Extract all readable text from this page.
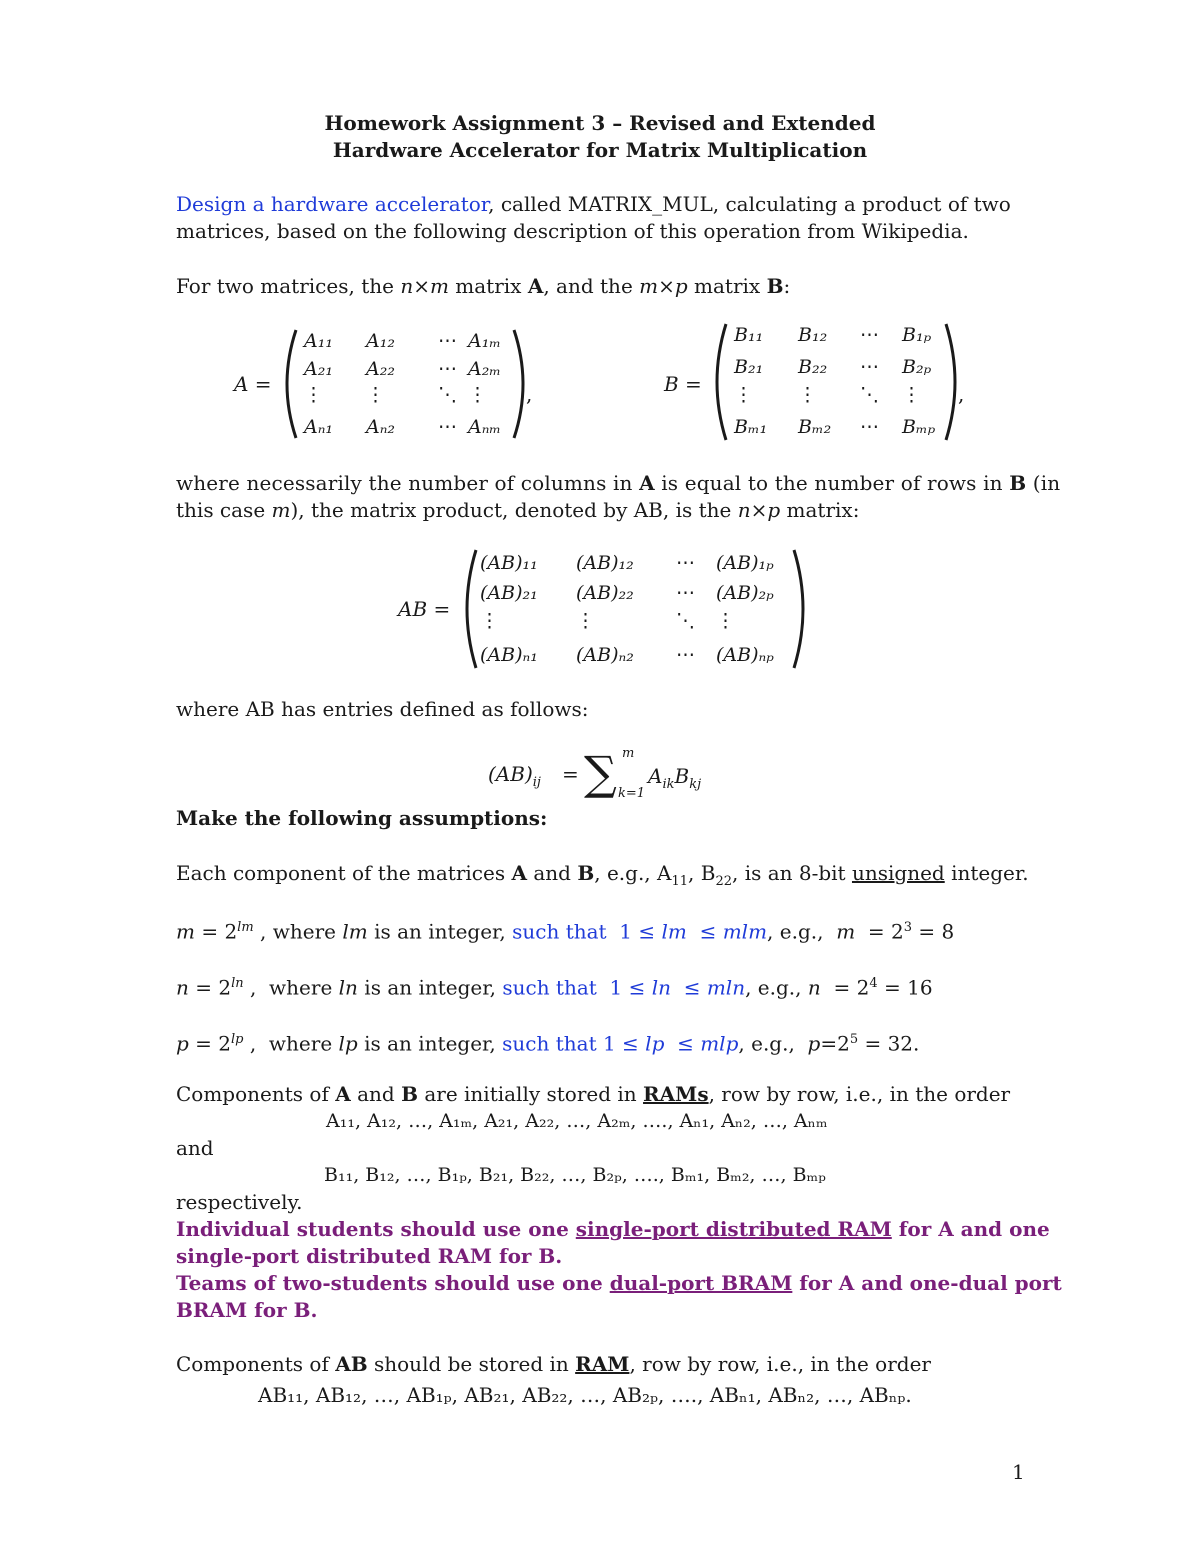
Homework Assignment 3 – Revised and Extended
Hardware Accelerator for Matrix Multiplication
Design a hardware accelerator, called MATRIX_MUL, calculating a product of two
matrices, based on the following description of this operation from Wikipedia.
For two matrices, the n×m matrix A, and the m×p matrix B:
A =
A₁₁ A₁₂ ⋯ A₁ₘ
A₂₁ A₂₂ ⋯ A₂ₘ
⋮ ⋮	⋱ ⋮
Aₙ₁ Aₙ₂ ⋯ Aₙₘ
,	B =
B₁₁ B₁₂ ⋯ B₁ₚ
B₂₁ B₂₂ ⋯ B₂ₚ
⋮ ⋮ ⋱ ⋮
Bₘ₁ Bₘ₂ ⋯ Bₘₚ
,
where necessarily the number of columns in A is equal to the number of rows in B (in
this case m), the matrix product, denoted by AB, is the n×p matrix:
AB =
(AB)₁₁ (AB)₁₂ ⋯ (AB)₁ₚ
(AB)₂₁ (AB)₂₂ ⋯ (AB)₂ₚ
⋮	⋮	⋱ ⋮
(AB)ₙ₁ (AB)ₙ₂ ⋯ (AB)ₙₚ
where AB has entries defined as follows:
$(AB)_{ij}$ = ∑ m
k=1
$A_{ik}B_{kj}$
Make the following assumptions:
Each component of the matrices A and B, e.g., $A_{11}$, $B_{22}$, is an 8-bit unsigned integer.
$m = 2^{lm}$ , where lm is an integer, such that  1 ≤ lm  ≤ mlm, e.g.,  $m = 2^3 = 8$
$n = 2^{ln}$ ,  where ln is an integer, such that  1 ≤ ln  ≤ mln, e.g., $n = 2^4 = 16$
$p = 2^{lp}$ ,  where lp is an integer, such that 1 ≤ lp  ≤ mlp, e.g.,  $p=2^5 = 32$.
Components of A and B are initially stored in RAMs, row by row, i.e., in the order
A₁₁, A₁₂, …, A₁ₘ, A₂₁, A₂₂, …, A₂ₘ, …., Aₙ₁, Aₙ₂, …, Aₙₘ
and
B₁₁, B₁₂, …, B₁ₚ, B₂₁, B₂₂, …, B₂ₚ, …., Bₘ₁, Bₘ₂, …, Bₘₚ
respectively.
Individual students should use one single-port distributed RAM for A and one
single-port distributed RAM for B.
Teams of two-students should use one dual-port BRAM for A and one-dual port
BRAM for B.
Components of AB should be stored in RAM, row by row, i.e., in the order
AB₁₁, AB₁₂, …, AB₁ₚ, AB₂₁, AB₂₂, …, AB₂ₚ, …., ABₙ₁, ABₙ₂, …, ABₙₚ.
1
